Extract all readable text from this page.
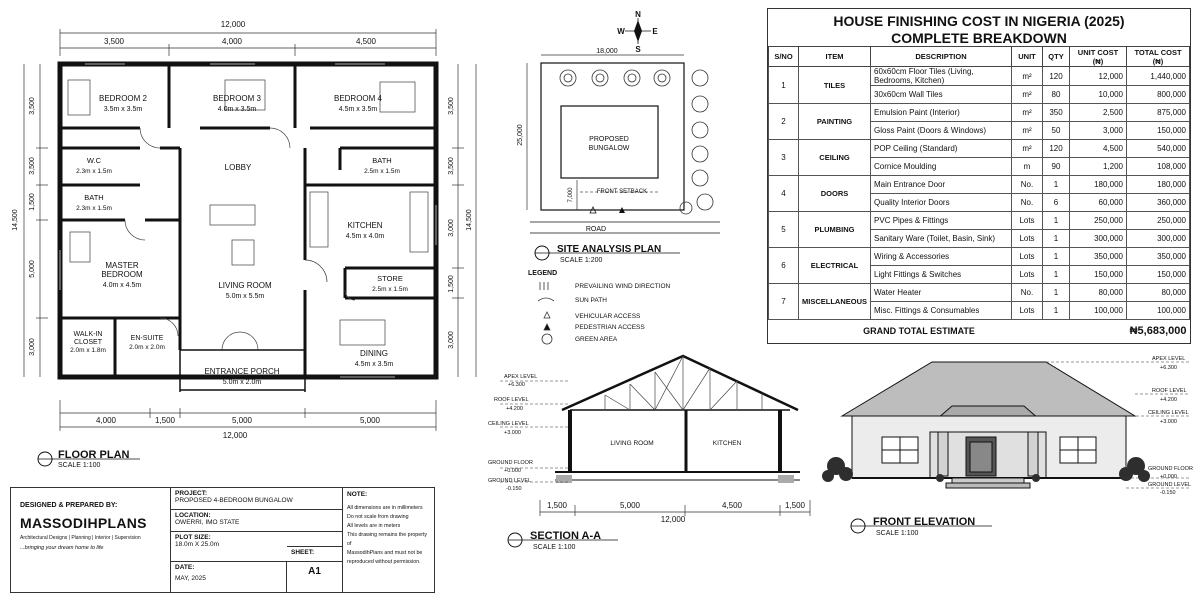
12,000
3,500	4,000	4,500
14,500
3,500
3,500
1,500
5,000
3,000
14,500
3,500
3,500
3,000
1,500
3,000
BEDROOM 2
3.5m x 3.5m
BEDROOM 3
4.0m x 3.5m
BEDROOM 4
4.5m x 3.5m
W.C
2.3m x 1.5m	LOBBY
BATH
2.5m x 1.5m
BATH
2.3m x 1.5m
KITCHEN
4.5m x 4.0m
MASTER
BEDROOM
4.0m x 4.5m	LIVING ROOM
5.0m x 5.5m
STORE
2.5m x 1.5m
WALK-IN
CLOSET
2.0m x 1.8m
EN-SUITE
2.0m x 2.0m
DINING
4.5m x 3.5m
ENTRANCE PORCH
5.0m x 2.0m
4,000	1,500	5,000	5,000
12,000
FLOOR PLAN
SCALE 1:100
N
S
E
W
18,000
25,000
7,000
PROPOSED
BUNGALOW
FRONT SETBACK
ROAD
SITE ANALYSIS PLAN
SCALE 1:200
LEGEND
PREVAILING WIND DIRECTION
SUN PATH
VEHICULAR ACCESS
PEDESTRIAN ACCESS
GREEN AREA
APEX LEVEL
+6.300
ROOF LEVEL
+4.200
CEILING LEVEL
+3.000
GROUND FLOOR
+0.000
GROUND LEVEL
-0.150
LIVING ROOM	KITCHEN
1,500	5,000	4,500	1,500
12,000
SECTION A-A
SCALE 1:100
APEX LEVEL
+6.300
ROOF LEVEL
+4.200
CEILING LEVEL
+3.000
GROUND FLOOR
+0.000
GROUND LEVEL
-0.150
FRONT ELEVATION
SCALE 1:100
HOUSE FINISHING COST IN NIGERIA (2025)
COMPLETE BREAKDOWN
S/NO	ITEM	DESCRIPTION	UNIT	QTY	UNIT COST (₦)	TOTAL COST (₦)
1	TILES	60x60cm Floor Tiles (Living, Bedrooms, Kitchen)	m²	120	12,000	1,440,000
		30x60cm Wall Tiles	m²	80	10,000	800,000
2	PAINTING	Emulsion Paint (Interior)	m²	350	2,500	875,000
		Gloss Paint (Doors & Windows)	m²	50	3,000	150,000
3	CEILING	POP Ceiling (Standard)	m²	120	4,500	540,000
		Cornice Moulding	m	90	1,200	108,000
4	DOORS	Main Entrance Door	No.	1	180,000	180,000
		Quality Interior Doors	No.	6	60,000	360,000
5	PLUMBING	PVC Pipes & Fittings	Lots	1	250,000	250,000
		Sanitary Ware (Toilet, Basin, Sink)	Lots	1	300,000	300,000
6	ELECTRICAL	Wiring & Accessories	Lots	1	350,000	350,000
		Light Fittings & Switches	Lots	1	150,000	150,000
7	MISCELLANEOUS	Water Heater	No.	1	80,000	80,000
		Misc. Fittings & Consumables	Lots	1	100,000	100,000
GRAND TOTAL ESTIMATE					₦5,683,000	
DESIGNED & PREPARED BY:
MASSODIHPLANS
Architectural Designs | Planning | Interior | Supervision
...bringing your dream home to life
PROJECT:
PROPOSED 4-BEDROOM BUNGALOW
LOCATION:
OWERRI, IMO STATE
PLOT SIZE:
18.0m X 25.0m
DATE:
MAY, 2025
SHEET:
A1
NOTE:
All dimensions are in millimeters
Do not scale from drawing
All levels are in meters
This drawing remains the property of
MassodihPlans and must not be
reproduced without permission.
